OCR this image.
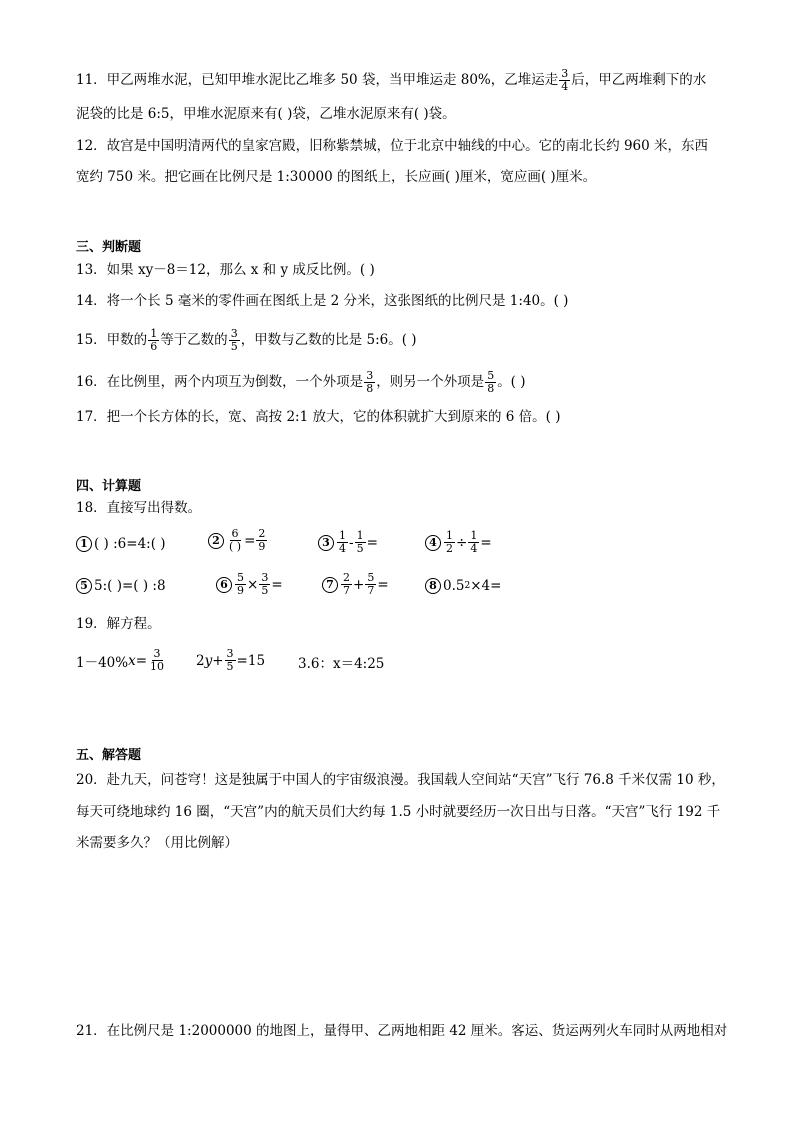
11．甲乙两堆水泥，已知甲堆水泥比乙堆多 50 袋，当甲堆运走 80%，乙堆运走 $\frac{3}{4}$ 后，甲乙两堆剩下的水
泥袋的比是 6:5，甲堆水泥原来有( )袋，乙堆水泥原来有( )袋。
12．故宫是中国明清两代的皇家宫殿，旧称紫禁城，位于北京中轴线的中心。它的南北长约 960 米，东西
宽约 750 米。把它画在比例尺是 1:30000 的图纸上，长应画( )厘米，宽应画( )厘米。
三、判断题
13．如果 xy－8＝12，那么 x 和 y 成反比例。( )
14．将一个长 5 毫米的零件画在图纸上是 2 分米，这张图纸的比例尺是 1:40。( )
15．甲数的 $\frac{1}{6}$ 等于乙数的 $\frac{3}{5}$ ，甲数与乙数的比是 5:6。( )
16．在比例里，两个内项互为倒数，一个外项是 $\frac{3}{8}$ ，则另一个外项是 $\frac{5}{8}$ 。( )
17．把一个长方体的长，宽、高按 2:1 放大，它的体积就扩大到原来的 6 倍。( )
四、计算题
18．直接写出得数。
1 ( ) :6=4:( )	$2 \frac{6}{( )} = \frac{2}{9}$	$3 \frac{1}{4} - \frac{1}{5}$ =	$4 \frac{1}{2} \div \frac{1}{4}$ =
5 5:( )=( ) :8	$6 \frac{5}{9} \times \frac{3}{5}$ =	$7 \frac{2}{7} + \frac{5}{7}$ =	8 0.5 2 ×4=
19．解方程。
1－40% $x = \frac{3}{10} 2$ $y + \frac{3}{5} =15$ 3.6：x＝4:25
五、解答题
20．赴九天，问苍穹！这是独属于中国人的宇宙级浪漫。我国载人空间站“天宫”飞行 76.8 千米仅需 10 秒，
每天可绕地球约 16 圈，“天宫”内的航天员们大约每 1.5 小时就要经历一次日出与日落。“天宫”飞行 192 千
米需要多久？（用比例解）
21．在比例尺是 1:2000000 的地图上，量得甲、乙两地相距 42 厘米。客运、货运两列火车同时从两地相对
